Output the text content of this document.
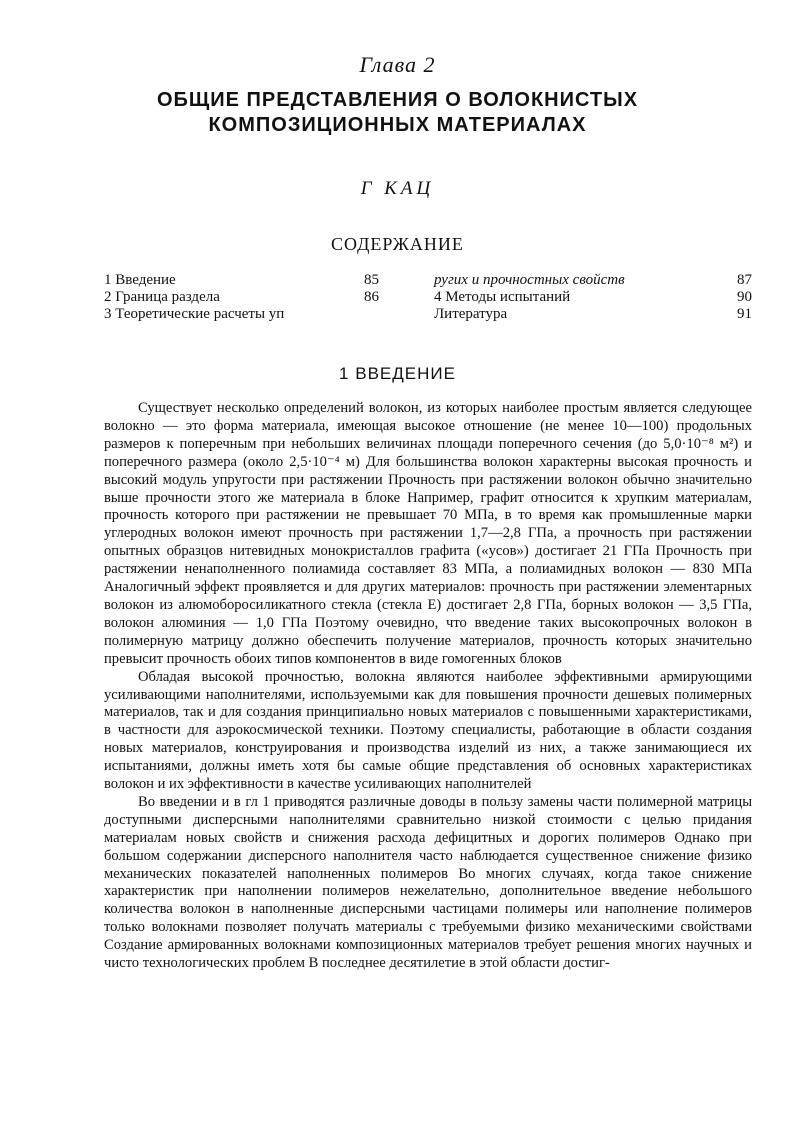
Глава 2
ОБЩИЕ ПРЕДСТАВЛЕНИЯ О ВОЛОКНИСТЫХ
КОМПОЗИЦИОННЫХ МАТЕРИАЛАХ
Г КАЦ
СОДЕРЖАНИЕ
1 Введение	85
2 Граница раздела	86
3 Теоретические расчеты уп
ругих и прочностных свойств	87
4 Методы испытаний	90
Литература	91
1 ВВЕДЕНИЕ

Существует несколько определений волокон, из которых наиболее простым является следующее волокно — это форма материала, имеющая высокое отношение (не менее 10—100) продольных размеров к поперечным при небольших величинах площади поперечного сечения (до 5,0·10⁻⁸ м²) и поперечного размера (около 2,5·10⁻⁴ м) Для большинства волокон характерны высокая прочность и высокий модуль упругости при растяжении Прочность при растяжении волокон обычно значительно выше прочности этого же материала в блоке Например, графит относится к хрупким материалам, прочность которого при растяжении не превышает 70 МПа, в то время как промышленные марки углеродных волокон имеют прочность при растяжении 1,7—2,8 ГПа, а прочность при растяжении опытных образцов нитевидных монокристаллов графита («усов») достигает 21 ГПа Прочность при растяжении ненаполненного полиамида составляет 83 МПа, а полиамидных волокон — 830 МПа Аналогичный эффект проявляется и для других материалов: прочность при растяжении элементарных волокон из алюмоборосиликатного стекла (стекла Е) достигает 2,8 ГПа, борных волокон — 3,5 ГПа, волокон алюминия — 1,0 ГПа Поэтому очевидно, что введение таких высокопрочных волокон в полимерную матрицу должно обеспечить получение материалов, прочность которых значительно превысит прочность обоих типов компонентов в виде гомогенных блоков

Обладая высокой прочностью, волокна являются наиболее эффективными армирующими усиливающими наполнителями, используемыми как для повышения прочности дешевых полимерных материалов, так и для создания принципиально новых материалов с повышенными характеристиками, в частности для аэрокосмической техники. Поэтому специалисты, работающие в области создания новых материалов, конструирования и производства изделий из них, а также занимающиеся их испытаниями, должны иметь хотя бы самые общие представления об основных характеристиках волокон и их эффективности в качестве усиливающих наполнителей

Во введении и в гл 1 приводятся различные доводы в пользу замены части полимерной матрицы доступными дисперсными наполнителями сравнительно низкой стоимости с целью придания материалам новых свойств и снижения расхода дефицитных и дорогих полимеров Однако при большом содержании дисперсного наполнителя часто наблюдается существенное снижение физико механических показателей наполненных полимеров Во многих случаях, когда такое снижение характеристик при наполнении полимеров нежелательно, дополнительное введение небольшого количества волокон в наполненные дисперсными частицами полимеры или наполнение полимеров только волокнами позволяет получать материалы с требуемыми физико механическими свойствами Создание армированных волокнами композиционных материалов требует решения многих научных и чисто технологических проблем В последнее десятилетие в этой области достиг-
